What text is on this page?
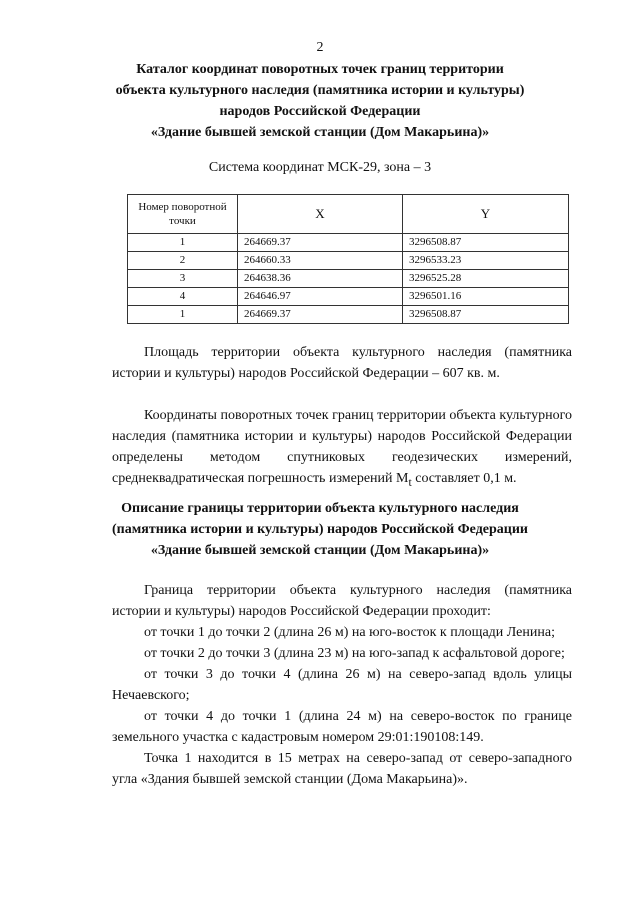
2
Каталог координат поворотных точек границ территории
объекта культурного наследия (памятника истории и культуры)
народов Российской Федерации
«Здание бывшей земской станции (Дом Макарьина)»
Система координат МСК-29, зона – 3
Номер поворотной точки	X	Y
1	264669.37	3296508.87
2	264660.33	3296533.23
3	264638.36	3296525.28
4	264646.97	3296501.16
1	264669.37	3296508.87

Площадь территории объекта культурного наследия (памятника истории и культуры) народов Российской Федерации – 607 кв. м.

Координаты поворотных точек границ территории объекта культурного наследия (памятника истории и культуры) народов Российской Федерации определены методом спутниковых геодезических измерений, среднеквадратическая погрешность измерений $M_t$ составляет 0,1 м.

Описание границы территории объекта культурного наследия
(памятника истории и культуры) народов Российской Федерации
«Здание бывшей земской станции (Дом Макарьина)»

Граница территории объекта культурного наследия (памятника истории и культуры) народов Российской Федерации проходит:

от точки 1 до точки 2 (длина 26 м) на юго-восток к площади Ленина;

от точки 2 до точки 3 (длина 23 м) на юго-запад к асфальтовой дороге;

от точки 3 до точки 4 (длина 26 м) на северо-запад вдоль улицы Нечаевского;

от точки 4 до точки 1 (длина 24 м) на северо-восток по границе земельного участка с кадастровым номером 29:01:190108:149.

Точка 1 находится в 15 метрах на северо-запад от северо-западного угла «Здания бывшей земской станции (Дома Макарьина)».
